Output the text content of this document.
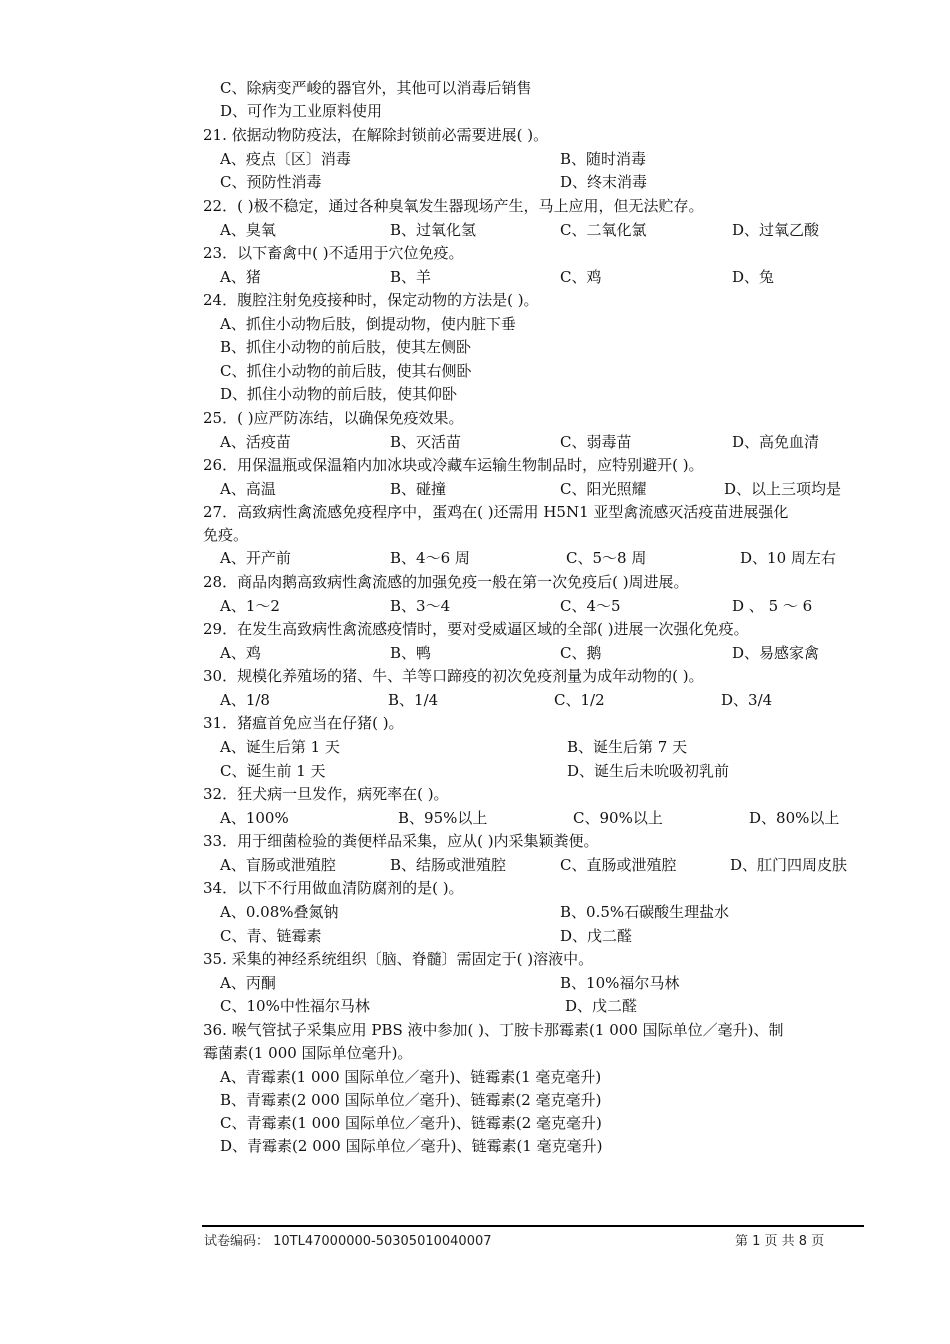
C、除病变严峻的器官外，其他可以消毒后销售
D、可作为工业原料使用
21. 依据动物防疫法，在解除封锁前必需要进展( )。
A、疫点〔区〕消毒	B、随时消毒
C、预防性消毒	D、终末消毒
22．( )极不稳定，通过各种臭氧发生器现场产生，马上应用，但无法贮存。
A、臭氧	B、过氧化氢	C、二氧化氯	D、过氧乙酸
23．以下畜禽中( )不适用于穴位免疫。
A、猪	B、羊	C、鸡	D、兔
24．腹腔注射免疫接种时，保定动物的方法是( )。
A、抓住小动物后肢，倒提动物，使内脏下垂
B、抓住小动物的前后肢，使其左侧卧
C、抓住小动物的前后肢，使其右侧卧
D、抓住小动物的前后肢，使其仰卧
25．( )应严防冻结，以确保免疫效果。
A、活疫苗	B、灭活苗	C、弱毒苗	D、高免血清
26．用保温瓶或保温箱内加冰块或冷藏车运输生物制品时，应特别避开( )。
A、高温	B、碰撞	C、阳光照耀	D、以上三项均是
27．高致病性禽流感免疫程序中，蛋鸡在( )还需用 H5N1 亚型禽流感灭活疫苗进展强化
免疫。
A、开产前	B、4～6 周	C、5～8 周	D、10 周左右
28．商品肉鹅高致病性禽流感的加强免疫一般在第一次免疫后( )周进展。
A、1～2	B、3～4	C、4～5	D 、 5 ～ 6
29．在发生高致病性禽流感疫情时，要对受威逼区域的全部( )进展一次强化免疫。
A、鸡	B、鸭	C、鹅	D、易感家禽
30．规模化养殖场的猪、牛、羊等口蹄疫的初次免疫剂量为成年动物的( )。
A、1/8	B、1/4	C、1/2	D、3/4
31．猪瘟首免应当在仔猪( )。
A、诞生后第 1 天	B、诞生后第 7 天
C、诞生前 1 天	D、诞生后未吮吸初乳前
32．狂犬病一旦发作，病死率在( )。
A、100%	B、95%以上	C、90%以上	D、80%以上
33．用于细菌检验的粪便样品采集，应从( )内采集颖粪便。
A、盲肠或泄殖腔	B、结肠或泄殖腔	C、直肠或泄殖腔	D、肛门四周皮肤
34．以下不行用做血清防腐剂的是( )。
A、0.08%叠氮钠	B、0.5%石碳酸生理盐水
C、青、链霉素	D、戊二醛
35. 采集的神经系统组织〔脑、脊髓〕需固定于( )溶液中。
A、丙酮	B、10%福尔马林
C、10%中性福尔马林	D、戊二醛
36. 喉气管拭子采集应用 PBS 液中参加( )、丁胺卡那霉素(1 000 国际单位／毫升)、制
霉菌素(1 000 国际单位毫升)。
A、青霉素(1 000 国际单位／毫升)、链霉素(1 毫克毫升)
B、青霉素(2 000 国际单位／毫升)、链霉素(2 毫克毫升)
C、青霉素(1 000 国际单位／毫升)、链霉素(2 毫克毫升)
D、青霉素(2 000 国际单位／毫升)、链霉素(1 毫克毫升)
试卷编码： 10TL47000000-50305010040007	第 1 页 共 8 页
